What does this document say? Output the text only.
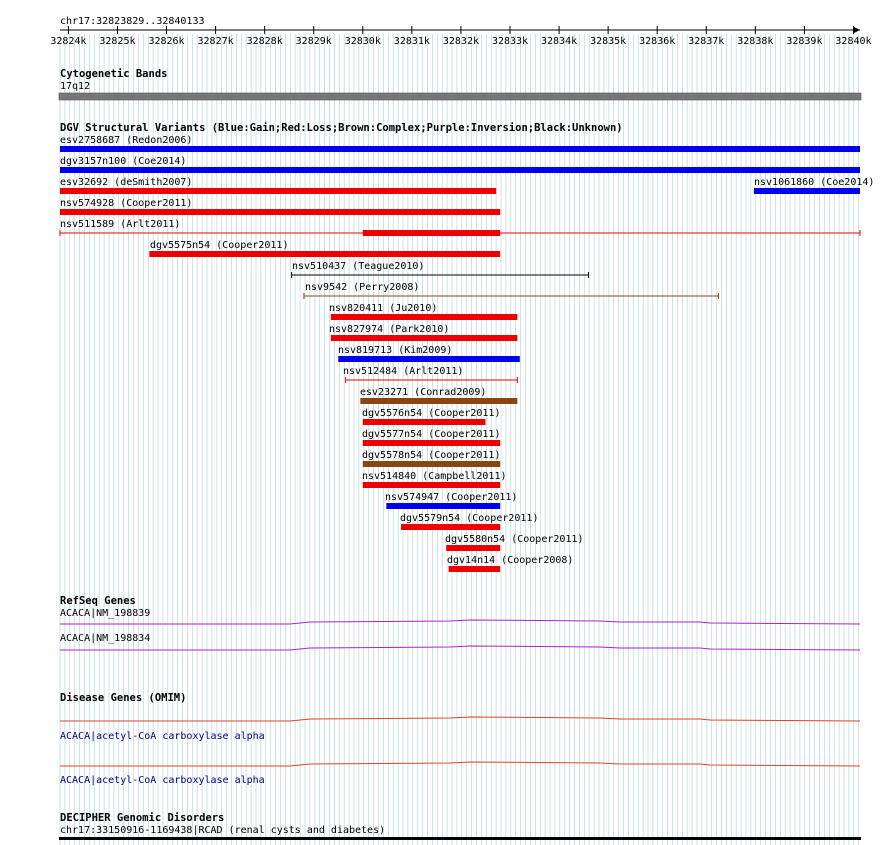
chr17:32823829..32840133
32824k 32825k 32826k 32827k 32828k 32829k 32830k 32831k 32832k 32833k 32834k 32835k 32836k 32837k 32838k 32839k 32840k
Cytogenetic Bands
17q12
DGV Structural Variants (Blue:Gain;Red:Loss;Brown:Complex;Purple:Inversion;Black:Unknown)
esv2758687 (Redon2006)
dgv3157n100 (Coe2014)
esv32692 (deSmith2007)	nsv1061860 (Coe2014)
nsv574928 (Cooper2011)
nsv511589 (Arlt2011)
dgv5575n54 (Cooper2011)
nsv510437 (Teague2010)
nsv9542 (Perry2008)
nsv820411 (Ju2010)
nsv827974 (Park2010)
nsv819713 (Kim2009)
nsv512484 (Arlt2011)
esv23271 (Conrad2009)
dgv5576n54 (Cooper2011)
dgv5577n54 (Cooper2011)
dgv5578n54 (Cooper2011)
nsv514840 (Campbell2011)
nsv574947 (Cooper2011)
dgv5579n54 (Cooper2011)
dgv5580n54 (Cooper2011)
dgv14n14 (Cooper2008)
RefSeq Genes
ACACA|NM_198839
ACACA|NM_198834
Disease Genes (OMIM)
ACACA|acetyl-CoA carboxylase alpha
ACACA|acetyl-CoA carboxylase alpha
DECIPHER Genomic Disorders
chr17:33150916-1169438|RCAD (renal cysts and diabetes)
